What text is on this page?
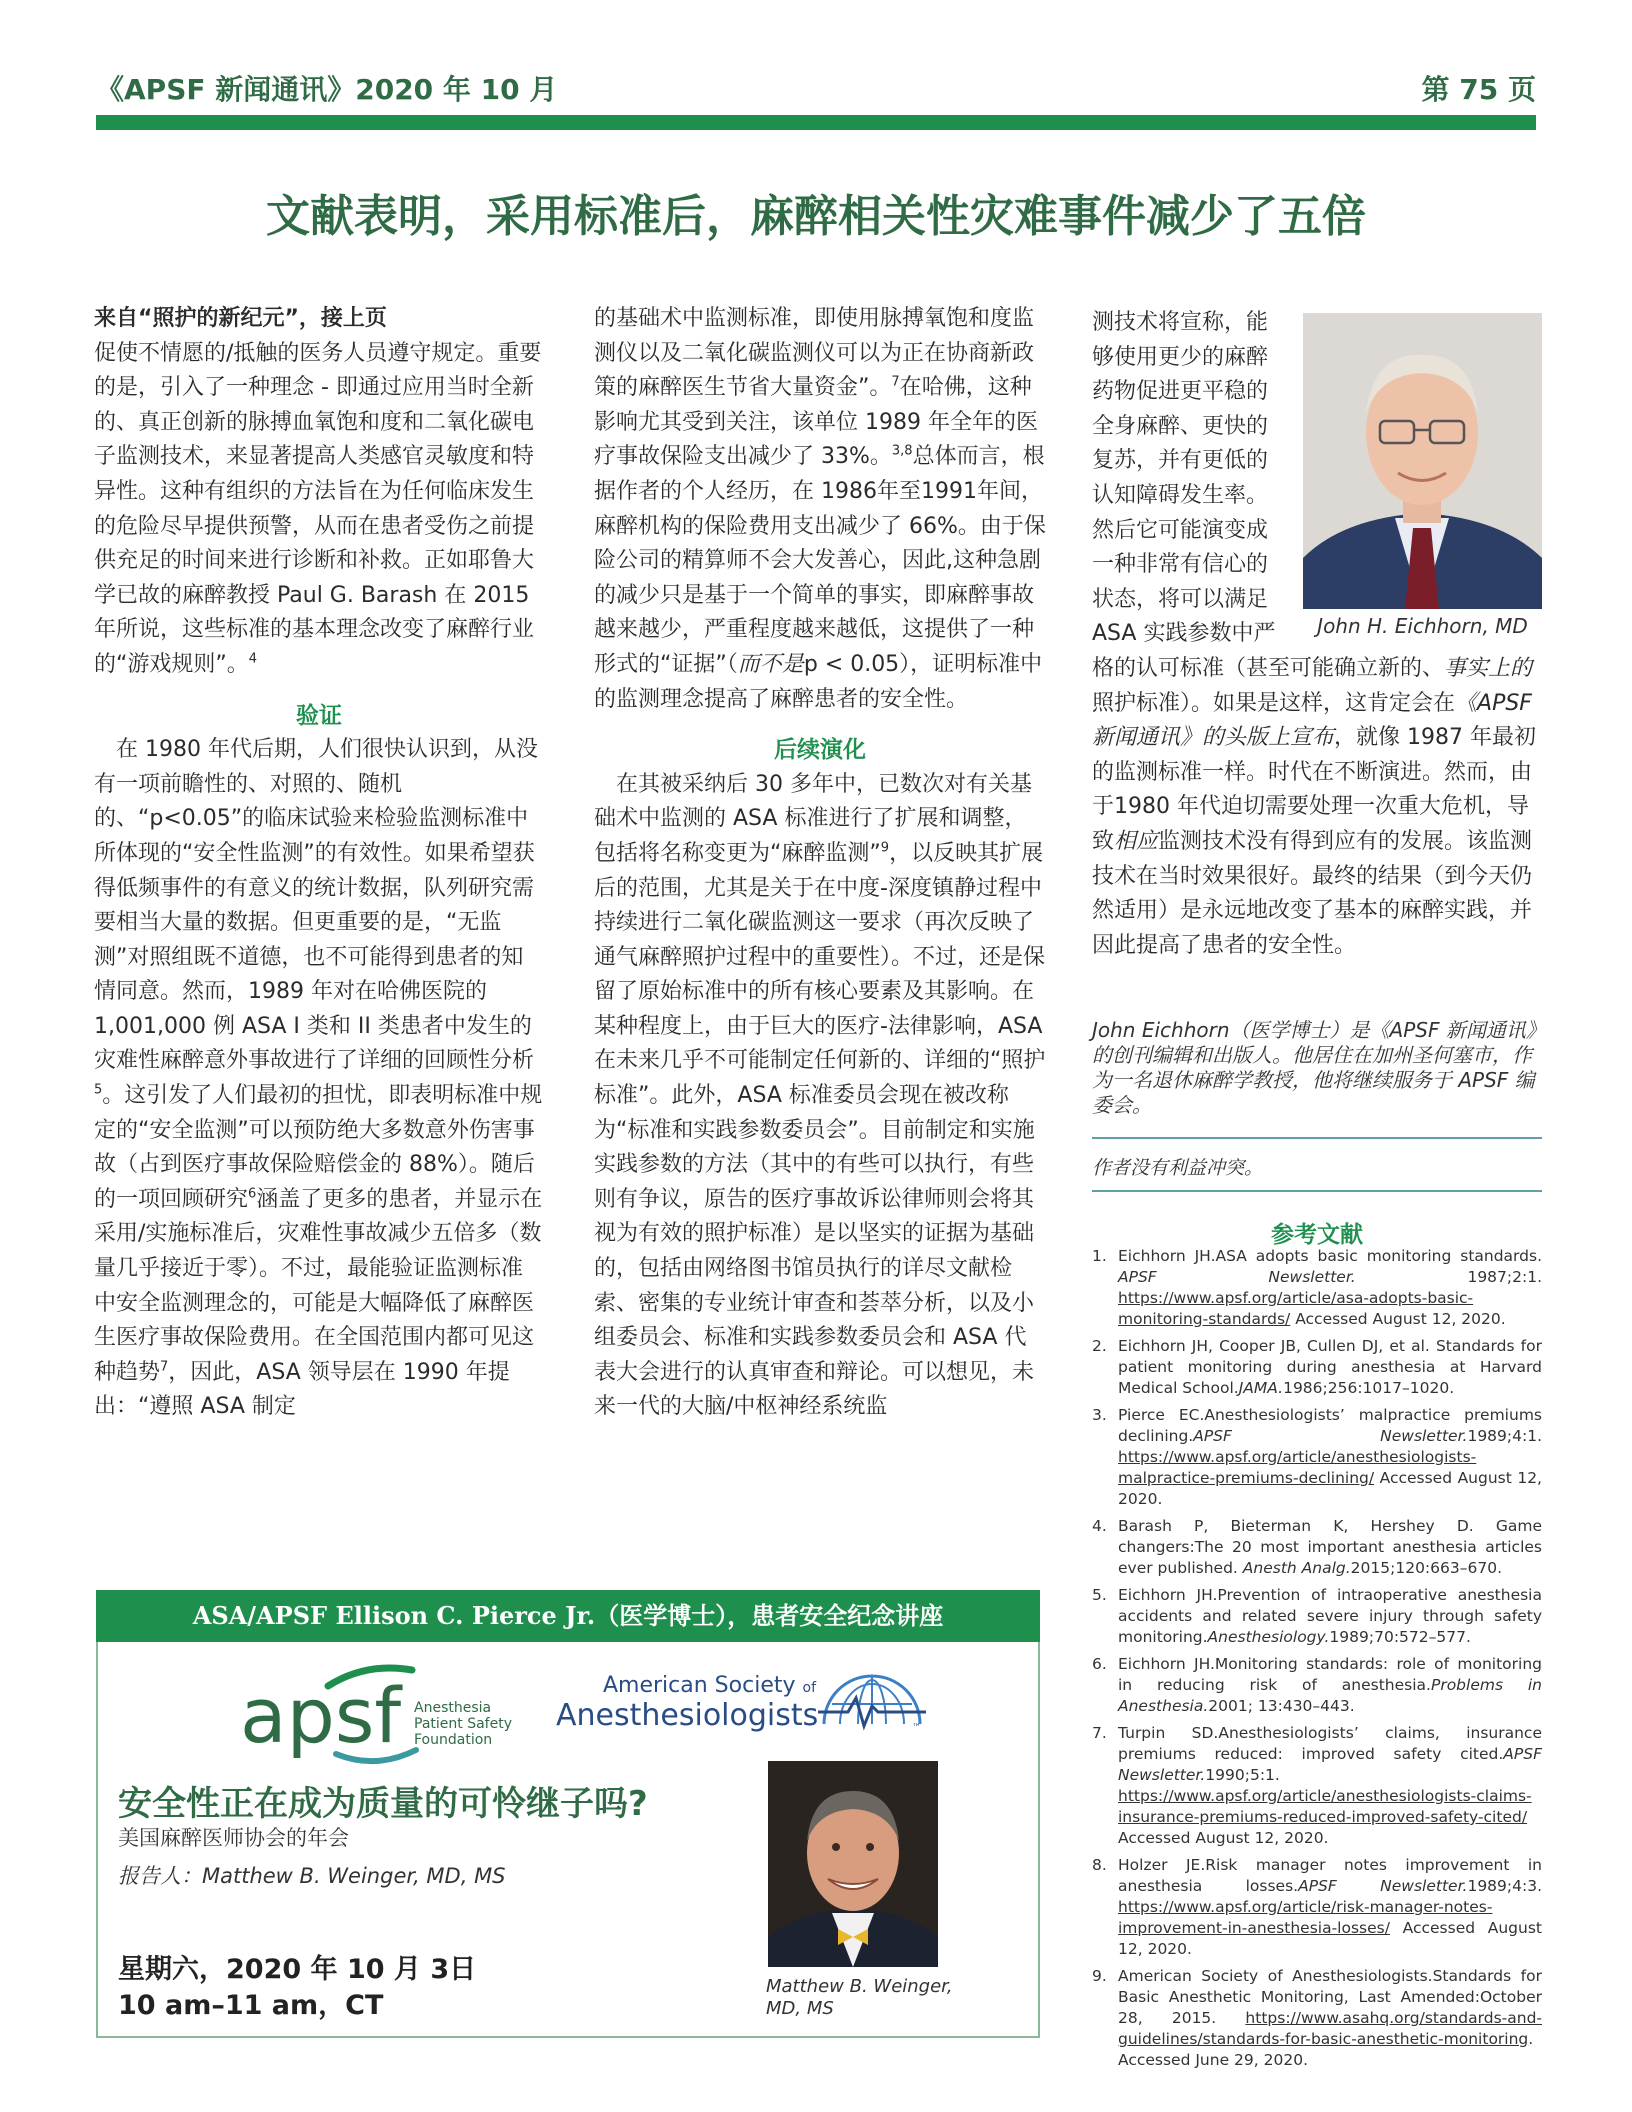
《APSF 新闻通讯》2020 年 10 月	第 75 页
文献表明，采用标准后，麻醉相关性灾难事件减少了五倍

来自“照护的新纪元”，接上页

促使不情愿的/抵触的医务人员遵守规定。重要的是，引入了一种理念 - 即通过应用当时全新的、真正创新的脉搏血氧饱和度和二氧化碳电子监测技术，来显著提高人类感官灵敏度和特异性。这种有组织的方法旨在为任何临床发生的危险尽早提供预警，从而在患者受伤之前提供充足的时间来进行诊断和补救。正如耶鲁大学已故的麻醉教授 Paul G. Barash 在 2015 年所说，这些标准的基本理念改变了麻醉行业的“游戏规则”。$^4$

验证

在 1980 年代后期，人们很快认识到，从没有一项前瞻性的、对照的、随机的、“p<0.05”的临床试验来检验监测标准中所体现的“安全性监测”的有效性。如果希望获得低频事件的有意义的统计数据，队列研究需要相当大量的数据。但更重要的是，“无监测”对照组既不道德，也不可能得到患者的知情同意。然而，1989 年对在哈佛医院的 1,001,000 例 ASA I 类和 II 类患者中发生的灾难性麻醉意外事故进行了详细的回顾性分析$^5$。这引发了人们最初的担忧，即表明标准中规定的“安全监测”可以预防绝大多数意外伤害事故（占到医疗事故保险赔偿金的 88%）。随后的一项回顾研究$^6$涵盖了更多的患者，并显示在采用/实施标准后，灾难性事故减少五倍多（数量几乎接近于零）。不过，最能验证监测标准中安全监测理念的，可能是大幅降低了麻醉医生医疗事故保险费用。在全国范围内都可见这种趋势$^7$，因此，ASA 领导层在 1990 年提出：“遵照 ASA 制定

的基础术中监测标准，即使用脉搏氧饱和度监测仪以及二氧化碳监测仪可以为正在协商新政策的麻醉医生节省大量资金”。$^7$在哈佛，这种影响尤其受到关注，该单位 1989 年全年的医疗事故保险支出减少了 33%。$^{3,8}$总体而言，根据作者的个人经历，在 1986年至1991年间，麻醉机构的保险费用支出减少了 66%。由于保险公司的精算师不会大发善心，因此,这种急剧的减少只是基于一个简单的事实，即麻醉事故越来越少，严重程度越来越低，这提供了一种形式的“证据”（而不是p < 0.05），证明标准中的监测理念提高了麻醉患者的安全性。

后续演化

在其被采纳后 30 多年中，已数次对有关基础术中监测的 ASA 标准进行了扩展和调整，包括将名称变更为“麻醉监测”$^9$，以反映其扩展后的范围，尤其是关于在中度-深度镇静过程中持续进行二氧化碳监测这一要求（再次反映了通气麻醉照护过程中的重要性）。不过，还是保留了原始标准中的所有核心要素及其影响。在某种程度上，由于巨大的医疗-法律影响，ASA 在未来几乎不可能制定任何新的、详细的“照护标准”。此外，ASA 标准委员会现在被改称为“标准和实践参数委员会”。目前制定和实施实践参数的方法（其中的有些可以执行，有些则有争议，原告的医疗事故诉讼律师则会将其视为有效的照护标准）是以坚实的证据为基础的，包括由网络图书馆员执行的详尽文献检索、密集的专业统计审查和荟萃分析，以及小组委员会、标准和实践参数委员会和 ASA 代表大会进行的认真审查和辩论。可以想见，未来一代的大脑/中枢神经系统监

John H. Eichhorn, MD

测技术将宣称，能够使用更少的麻醉药物促进更平稳的全身麻醉、更快的复苏，并有更低的认知障碍发生率。然后它可能演变成一种非常有信心的状态，将可以满足 ASA 实践参数中严格的认可标准（甚至可能确立新的、事实上的照护标准）。如果是这样，这肯定会在《APSF 新闻通讯》的头版上宣布，就像 1987 年最初的监测标准一样。时代在不断演进。然而，由于1980 年代迫切需要处理一次重大危机，导致相应监测技术没有得到应有的发展。该监测技术在当时效果很好。最终的结果（到今天仍然适用）是永远地改变了基本的麻醉实践，并因此提高了患者的安全性。

John Eichhorn（医学博士）是《APSF 新闻通讯》的创刊编辑和出版人。他居住在加州圣何塞市，作为一名退休麻醉学教授，他将继续服务于 APSF 编委会。
作者没有利益冲突。
参考文献
1. Eichhorn JH.ASA adopts basic monitoring standards. APSF Newsletter. 1987;2:1. https://www.apsf.org/article/asa-adopts-basic-monitoring-standards/ Accessed August 12, 2020.
2. Eichhorn JH, Cooper JB, Cullen DJ, et al. Standards for patient monitoring during anesthesia at Harvard Medical School.JAMA.1986;256:1017–1020.
3. Pierce EC.Anesthesiologists’ malpractice premiums declining.APSF Newsletter.1989;4:1. https://www.apsf.org/article/anesthesiologists-malpractice-premiums-declining/ Accessed August 12, 2020.
4. Barash P, Bieterman K, Hershey D. Game changers:The 20 most important anesthesia articles ever published. Anesth Analg.2015;120:663–670.
5. Eichhorn JH.Prevention of intraoperative anesthesia accidents and related severe injury through safety monitoring.Anesthesiology.1989;70:572–577.
6. Eichhorn JH.Monitoring standards: role of monitoring in reducing risk of anesthesia.Problems in Anesthesia.2001; 13:430–443.
7. Turpin SD.Anesthesiologists’ claims, insurance premiums reduced: improved safety cited.APSF Newsletter.1990;5:1. https://www.apsf.org/article/anesthesiologists-claims-insurance-premiums-reduced-improved-safety-cited/ Accessed August 12, 2020.
8. Holzer JE.Risk manager notes improvement in anesthesia losses.APSF Newsletter.1989;4:3. https://www.apsf.org/article/risk-manager-notes-improvement-in-anesthesia-losses/ Accessed August 12, 2020.
9. American Society of Anesthesiologists.Standards for Basic Anesthetic Monitoring, Last Amended:October 28, 2015. https://www.asahq.org/standards-and-guidelines/standards-for-basic-anesthetic-monitoring. Accessed June 29, 2020.
ASA/APSF Ellison C. Pierce Jr.（医学博士），患者安全纪念讲座
apsf Anesthesia
Patient Safety
Foundation
American Society of
Anesthesiologists	™
安全性正在成为质量的可怜继子吗?
美国麻醉医师协会的年会
报告人：Matthew B. Weinger, MD, MS
星期六，2020 年 10 月 3日
10 am–11 am，CT
Matthew B. Weinger,
MD, MS
